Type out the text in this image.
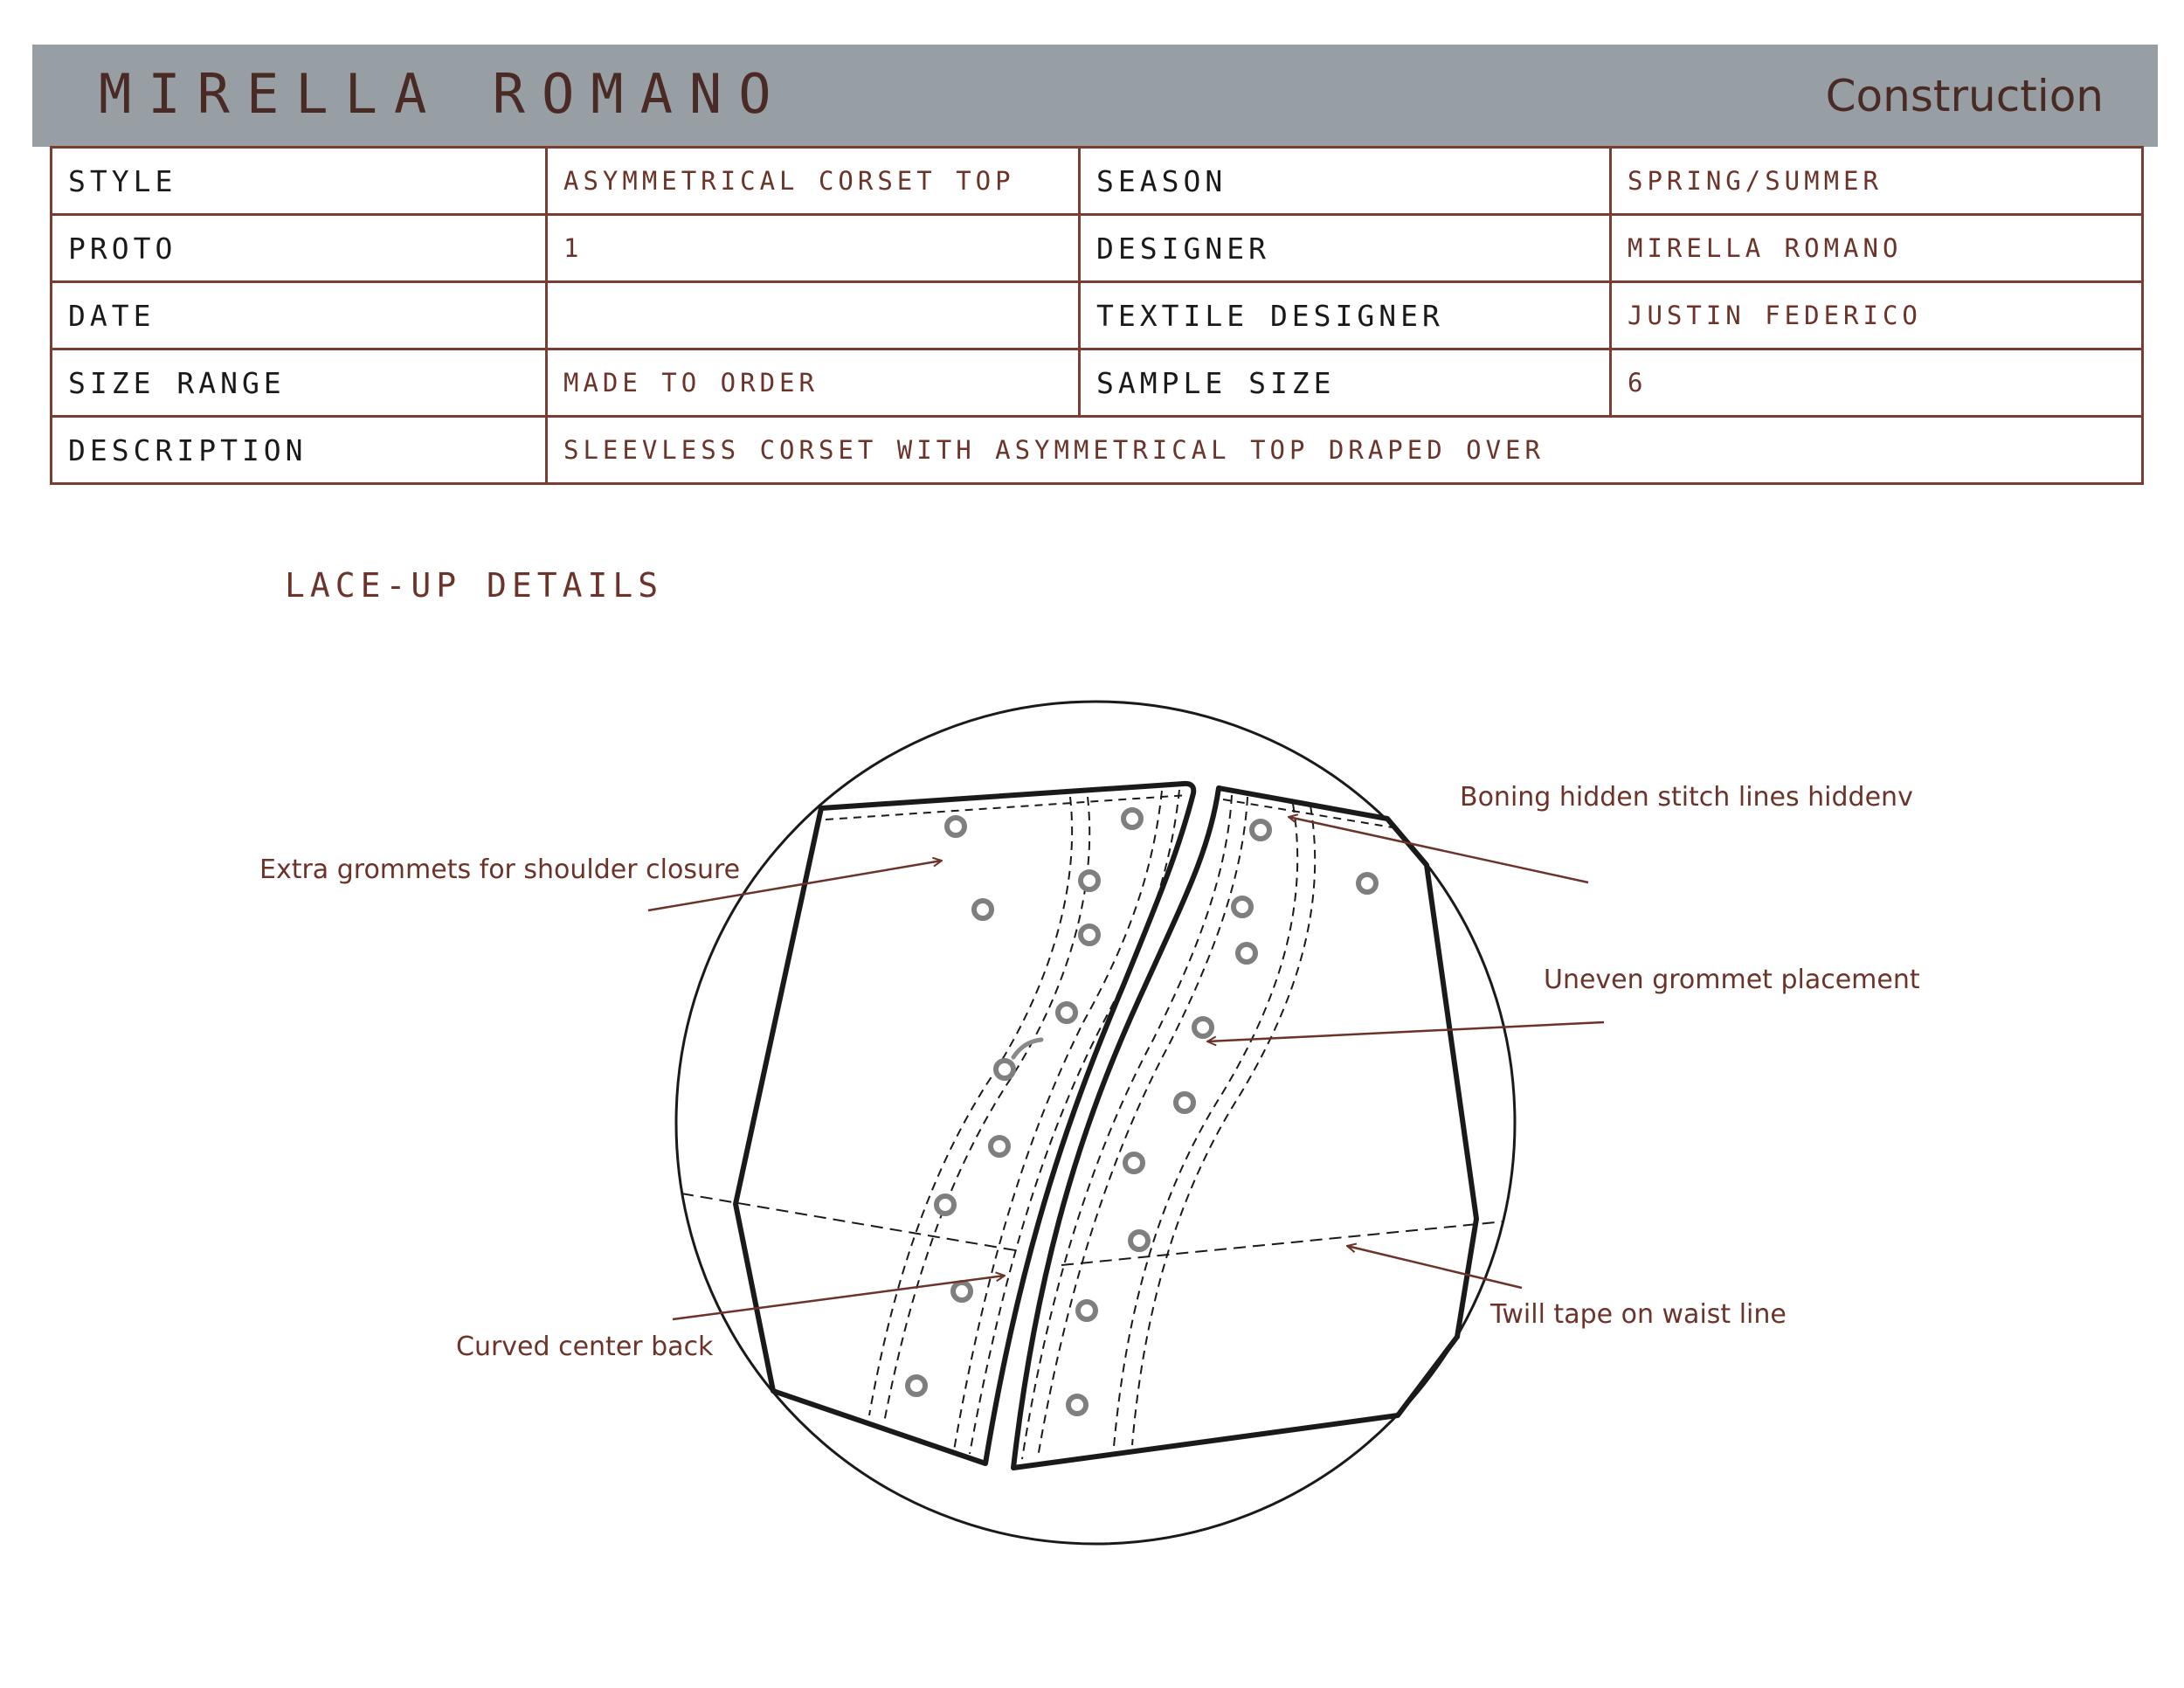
MIRELLA ROMANO	Construction
STYLE	ASYMMETRICAL CORSET TOP	SEASON	SPRING/SUMMER
PROTO	1	DESIGNER	MIRELLA ROMANO
DATE		TEXTILE DESIGNER	JUSTIN FEDERICO
SIZE RANGE	MADE TO ORDER	SAMPLE SIZE	6
DESCRIPTION	SLEEVLESS CORSET WITH ASYMMETRICAL TOP DRAPED OVER		
LACE-UP DETAILS
Extra grommets for shoulder closure
Boning hidden stitch lines hiddenv
Uneven grommet placement
Curved center back
Twill tape on waist line
